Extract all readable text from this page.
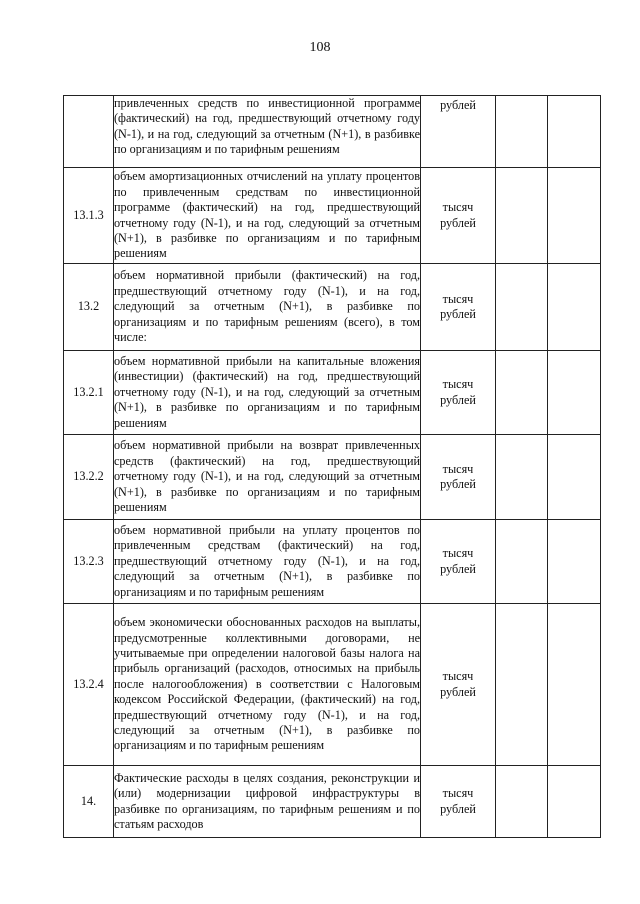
108
	привлеченных средств по инвестиционной программе (фактический) на год, предшествующий отчетному году (N-1), и на год, следующий за отчетным (N+1), в разбивке по организациям и по тарифным решениям	рублей		

13.1.3	объем амортизационных отчислений на уплату процентов по привлеченным средствам по инвестиционной программе (фактический) на год, предшествующий отчетному году (N-1), и на год, следующий за отчетным (N+1), в разбивке по организациям и по тарифным решениям	тысяч
рублей		

13.2	объем нормативной прибыли (фактический) на год, предшествующий отчетному году (N-1), и на год, следующий за отчетным (N+1), в разбивке по организациям и по тарифным решениям (всего), в том числе:	тысяч
рублей		

13.2.1	объем нормативной прибыли на капитальные вложения (инвестиции) (фактический) на год, предшествующий отчетному году (N-1), и на год, следующий за отчетным (N+1), в разбивке по организациям и по тарифным решениям	тысяч
рублей		

13.2.2	объем нормативной прибыли на возврат привлеченных средств (фактический) на год, предшествующий отчетному году (N-1), и на год, следующий за отчетным (N+1), в разбивке по организациям и по тарифным решениям	тысяч
рублей		

13.2.3	объем нормативной прибыли на уплату процентов по привлеченным средствам (фактический) на год, предшествующий отчетному году (N-1), и на год, следующий за отчетным (N+1), в разбивке по организациям и по тарифным решениям	тысяч
рублей		

13.2.4	объем экономически обоснованных расходов на выплаты, предусмотренные коллективными договорами, не учитываемые при определении налоговой базы налога на прибыль организаций (расходов, относимых на прибыль после налогообложения) в соответствии с Налоговым кодексом Российской Федерации, (фактический) на год, предшествующий отчетному году (N-1), и на год, следующий за отчетным (N+1), в разбивке по организациям и по тарифным решениям	тысяч
рублей		

14.	Фактические расходы в целях создания, реконструкции и (или) модернизации цифровой инфраструктуры в разбивке по организациям, по тарифным решениям и по статьям расходов	тысяч
рублей		
